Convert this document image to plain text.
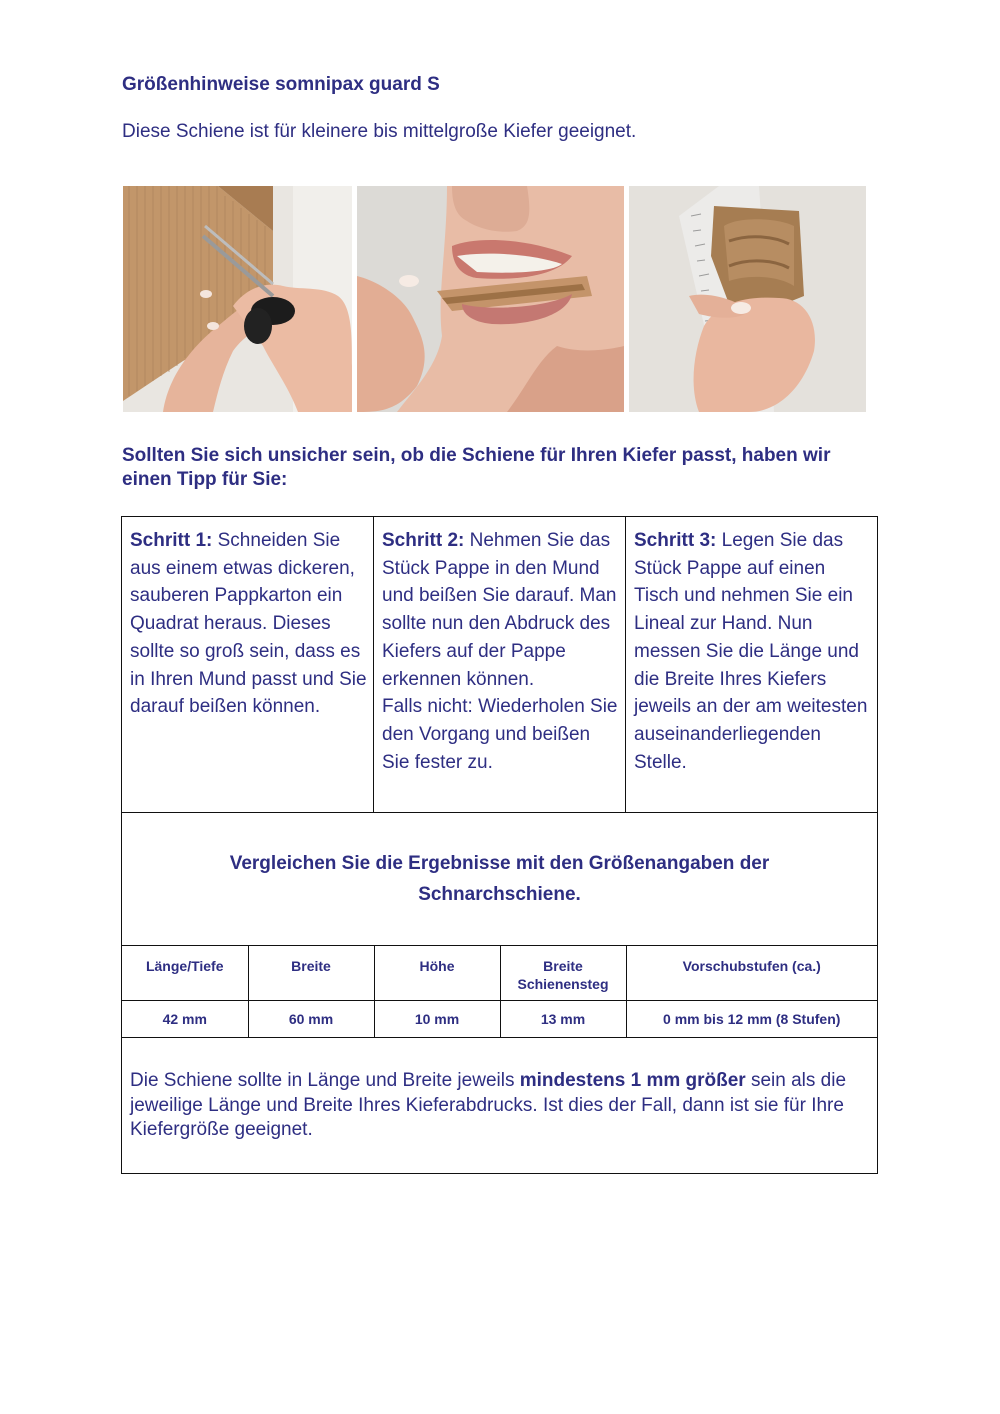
Größenhinweise somnipax guard S

Diese Schiene ist für kleinere bis mittelgroße Kiefer geeignet.

Sollten Sie sich unsicher sein, ob die Schiene für Ihren Kiefer passt, haben wir einen Tipp für Sie:

Schritt 1: Schneiden Sie aus einem etwas dickeren, sauberen Pappkarton ein Quadrat heraus. Dieses sollte so groß sein, dass es in Ihren Mund passt und Sie darauf beißen können.

Schritt 2: Nehmen Sie das Stück Pappe in den Mund und beißen Sie darauf. Man sollte nun den Abdruck des Kiefers auf der Pappe erkennen können.

Falls nicht: Wiederholen Sie den Vorgang und beißen Sie fester zu.

Schritt 3: Legen Sie das Stück Pappe auf einen Tisch und nehmen Sie ein Lineal zur Hand. Nun messen Sie die Länge und die Breite Ihres Kiefers jeweils an der am weitesten auseinanderliegenden Stelle.

Vergleichen Sie die Ergebnisse mit den Größenangaben der Schnarchschiene.
Länge/Tiefe	Breite	Höhe	Breite Schienensteg	Vorschubstufen (ca.)
42 mm	60 mm	10 mm	13 mm	0 mm bis 12 mm (8 Stufen)
Die Schiene sollte in Länge und Breite jeweils mindestens 1 mm größer sein als die jeweilige Länge und Breite Ihres Kieferabdrucks. Ist dies der Fall, dann ist sie für Ihre Kiefergröße geeignet.
